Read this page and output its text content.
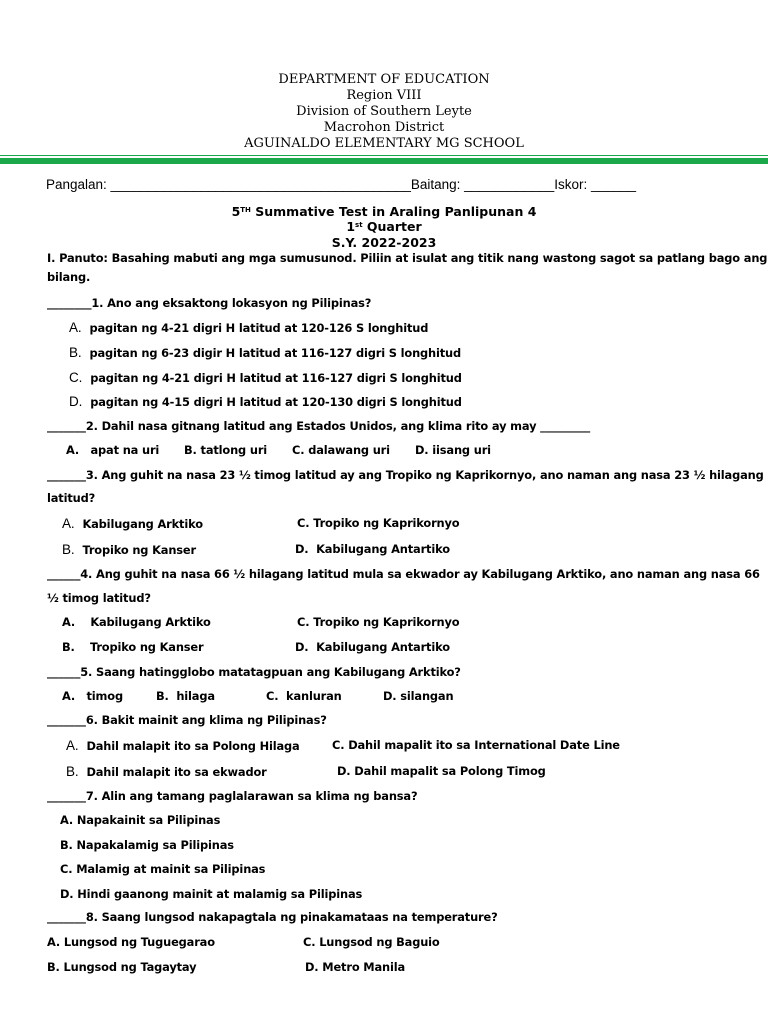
DEPARTMENT OF EDUCATION
Region VIII
Division of Southern Leyte
Macrohon District
AGUINALDO ELEMENTARY MG SCHOOL
Pangalan: ________________________________________Baitang: ____________Iskor: ______
5TH Summative Test in Araling Panlipunan 4
1st Quarter
S.Y. 2022-2023
I. Panuto: Basahing mabuti ang mga sumusunod. Piliin at isulat ang titik nang wastong sagot sa patlang bago ang
bilang.
________1. Ano ang eksaktong lokasyon ng Pilipinas?
A. pagitan ng 4-21 digri H latitud at 120-126 S longhitud
B. pagitan ng 6-23 digir H latitud at 116-127 digri S longhitud
C. pagitan ng 4-21 digri H latitud at 116-127 digri S longhitud
D. pagitan ng 4-15 digri H latitud at 120-130 digri S longhitud
_______2. Dahil nasa gitnang latitud ang Estados Unidos, ang klima rito ay may _________
A.   apat na uri B. tatlong uri C. dalawang uri D. iisang uri
_______3. Ang guhit na nasa 23 ½ timog latitud ay ang Tropiko ng Kaprikornyo, ano naman ang nasa 23 ½ hilagang
latitud?
A. Kabilugang Arktiko	C. Tropiko ng Kaprikornyo
B. Tropiko ng Kanser	D.  Kabilugang Antartiko
______4. Ang guhit na nasa 66 ½ hilagang latitud mula sa ekwador ay Kabilugang Arktiko, ano naman ang nasa 66
½ timog latitud?
A.    Kabilugang Arktiko	C. Tropiko ng Kaprikornyo
B.    Tropiko ng Kanser	D.  Kabilugang Antartiko
______5. Saang hatingglobo matatagpuan ang Kabilugang Arktiko?
A.   timog	B.  hilaga	C.  kanluran	D. silangan
_______6. Bakit mainit ang klima ng Pilipinas?
A. Dahil malapit ito sa Polong Hilaga	C. Dahil mapalit ito sa International Date Line
B. Dahil malapit ito sa ekwador	D. Dahil mapalit sa Polong Timog
_______7. Alin ang tamang paglalarawan sa klima ng bansa?
A. Napakainit sa Pilipinas
B. Napakalamig sa Pilipinas
C. Malamig at mainit sa Pilipinas
D. Hindi gaanong mainit at malamig sa Pilipinas
_______8. Saang lungsod nakapagtala ng pinakamataas na temperature?
A. Lungsod ng Tuguegarao	C. Lungsod ng Baguio
B. Lungsod ng Tagaytay	D. Metro Manila
